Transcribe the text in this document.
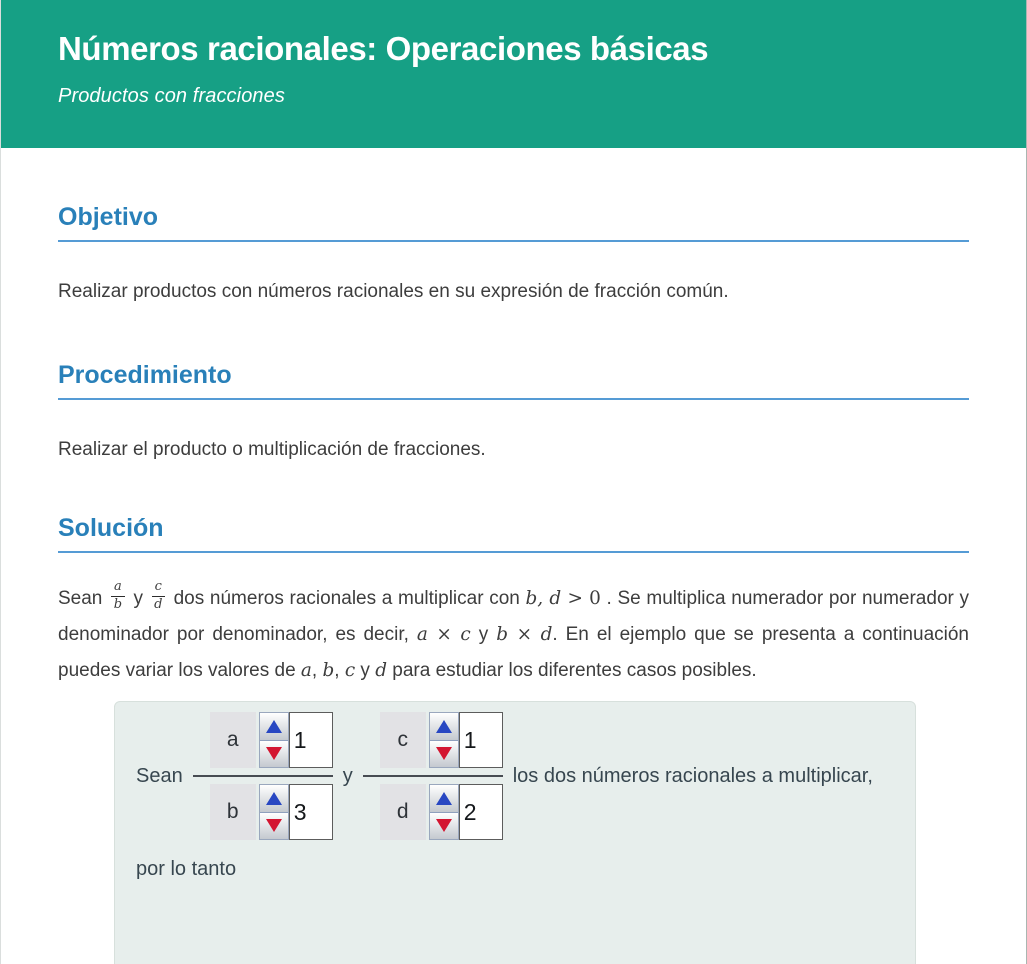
Números racionales: Operaciones básicas
Productos con fracciones
Objetivo

Realizar productos con números racionales en su expresión de fracción común.

Procedimiento

Realizar el producto o multiplicación de fracciones.

Solución

Sean $\frac{a}{b}$ y $\frac{c}{d}$ dos números racionales a multiplicar con b, d > 0 . Se multiplica numerador por numerador y denominador por denominador, es decir, a × c y b × d. En el ejemplo que se presenta a continuación puedes variar los valores de a, b, c y d para estudiar los diferentes casos posibles.

Sean
a
1
b
3
y
c
1
d
2
los dos números racionales a multiplicar,
por lo tanto
